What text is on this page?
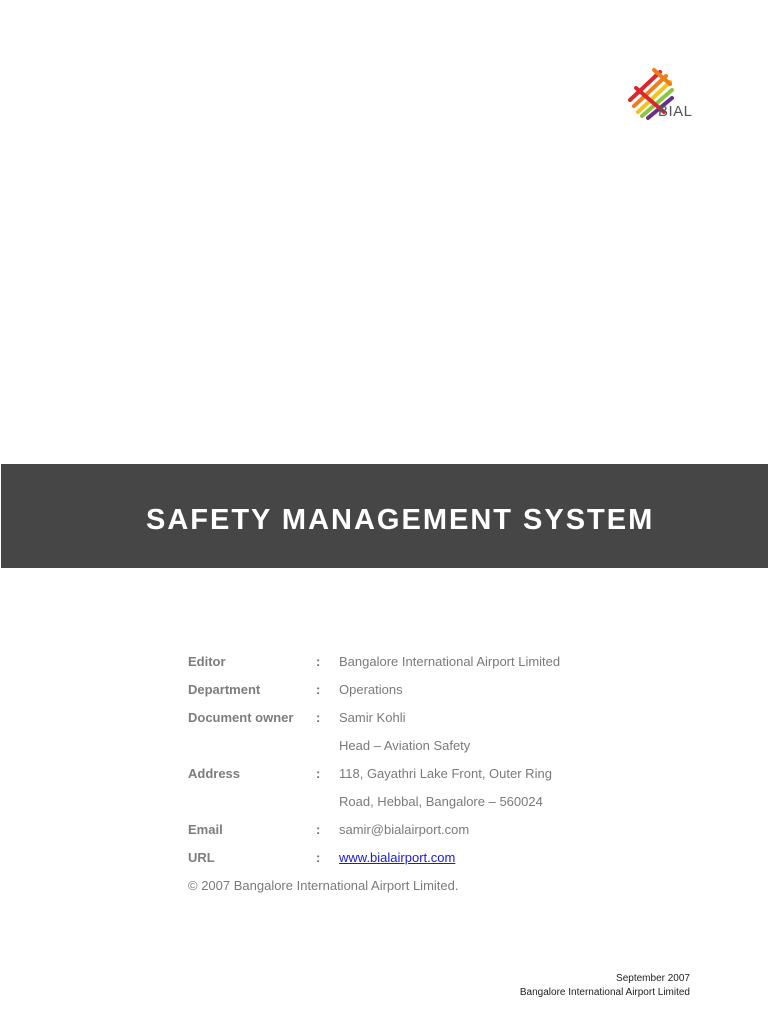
BIAL
SAFETY MANAGEMENT SYSTEM
Editor	: Bangalore International Airport Limited
Department	: Operations
Document owner : Samir Kohli
Head – Aviation Safety
Address	: 118, Gayathri Lake Front, Outer Ring
Road, Hebbal, Bangalore – 560024
Email	: samir@bialairport.com
URL	: www.bialairport.com
© 2007 Bangalore International Airport Limited.
September 2007
Bangalore International Airport Limited
